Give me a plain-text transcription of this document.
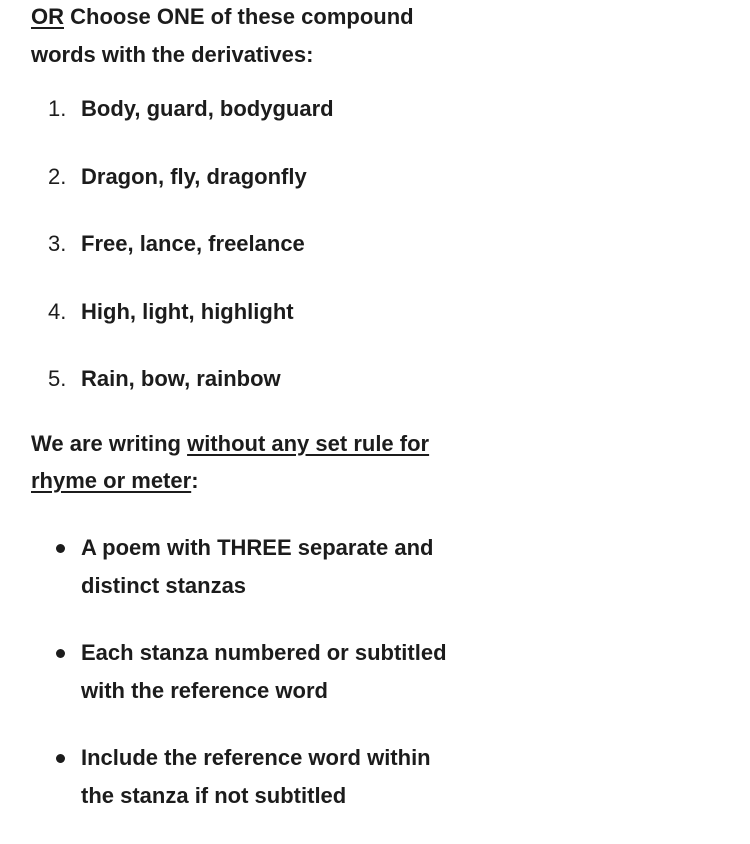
OR Choose ONE of these compound words with the derivatives:

1. Body, guard, bodyguard
2. Dragon, fly, dragonfly
3. Free, lance, freelance
4. High, light, highlight
5. Rain, bow, rainbow

We are writing without any set rule for rhyme or meter:

A poem with THREE separate and distinct stanzas
Each stanza numbered or subtitled with the reference word
Include the reference word within the stanza if not subtitled
